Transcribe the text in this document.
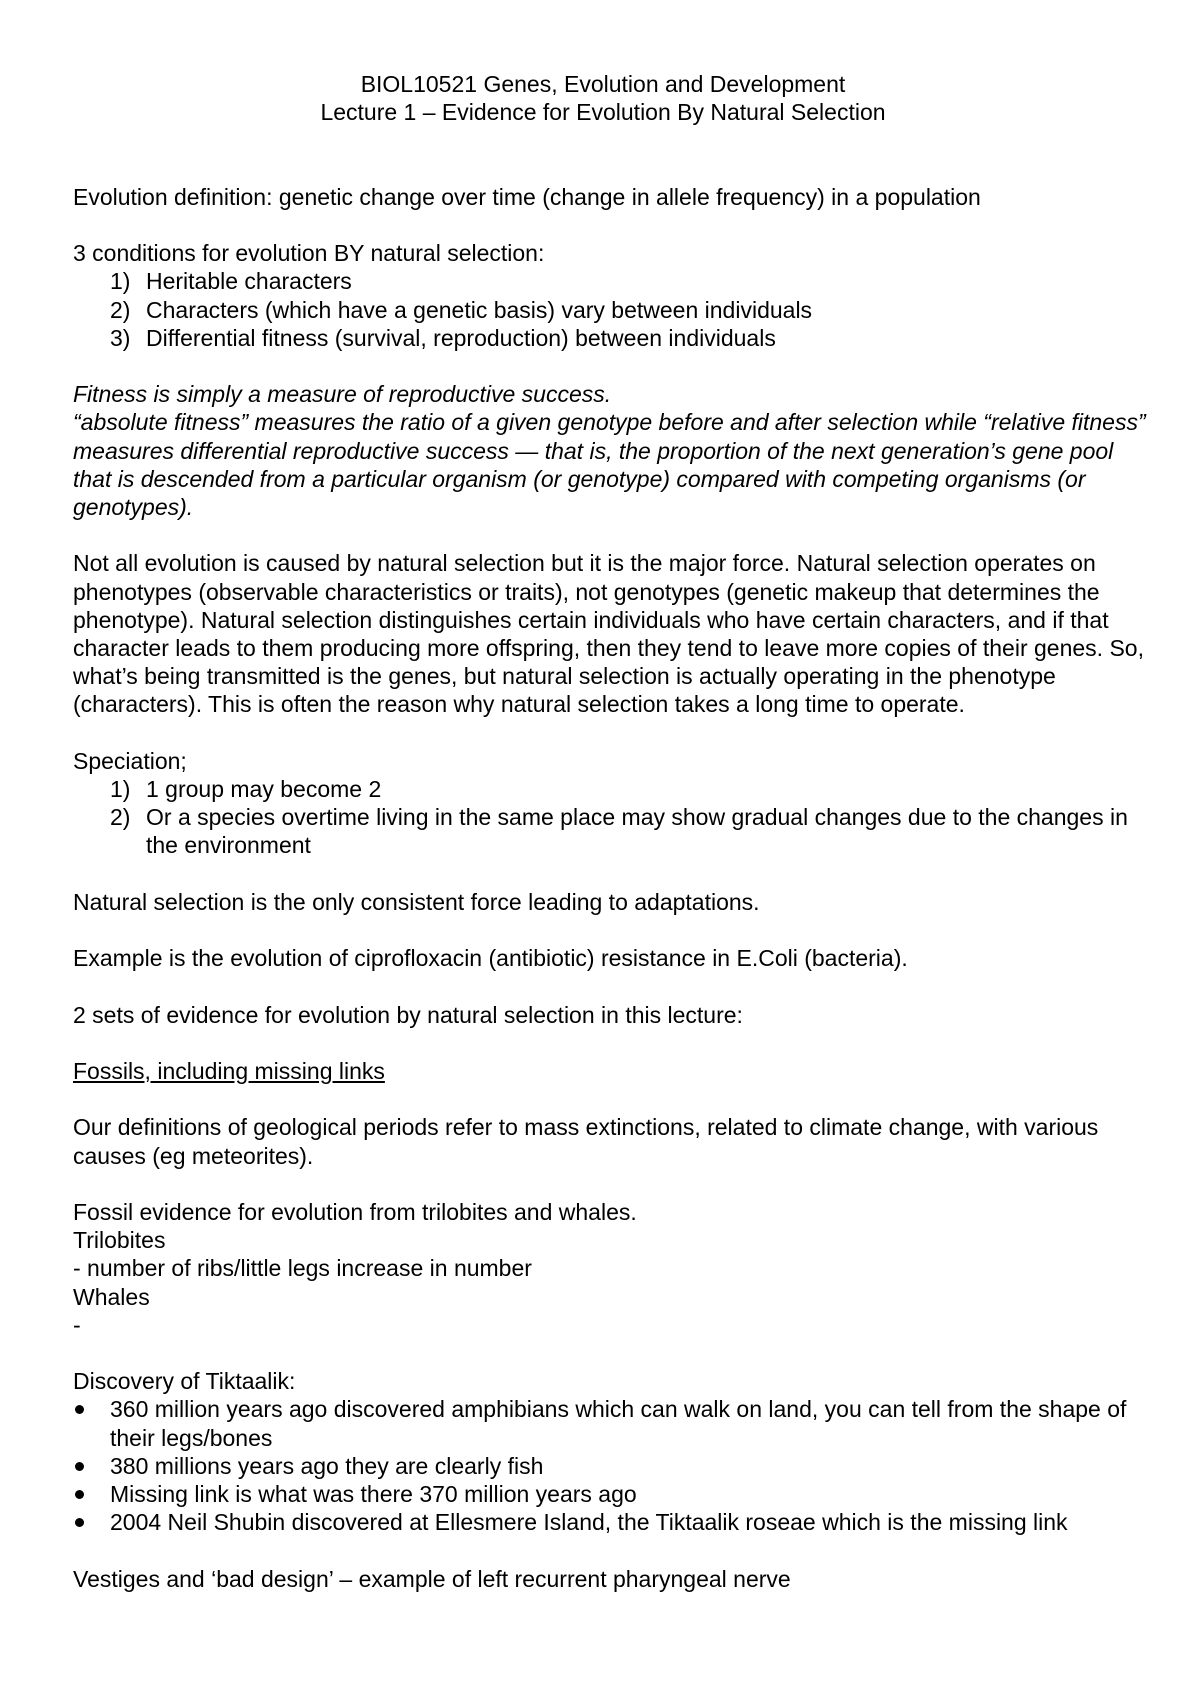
BIOL10521 Genes, Evolution and Development
Lecture 1 – Evidence for Evolution By Natural Selection

Evolution definition: genetic change over time (change in allele frequency) in a population

3 conditions for evolution BY natural selection:

1) Heritable characters
2) Characters (which have a genetic basis) vary between individuals
3) Differential fitness (survival, reproduction) between individuals

Fitness is simply a measure of reproductive success.

“absolute fitness” measures the ratio of a given genotype before and after selection while “relative fitness” measures differential reproductive success — that is, the proportion of the next generation’s gene pool that is descended from a particular organism (or genotype) compared with competing organisms (or genotypes).

Not all evolution is caused by natural selection but it is the major force. Natural selection operates on phenotypes (observable characteristics or traits), not genotypes (genetic makeup that determines the phenotype). Natural selection distinguishes certain individuals who have certain characters, and if that character leads to them producing more offspring, then they tend to leave more copies of their genes. So, what’s being transmitted is the genes, but natural selection is actually operating in the phenotype (characters). This is often the reason why natural selection takes a long time to operate.

Speciation;

1) 1 group may become 2
2) Or a species overtime living in the same place may show gradual changes due to the changes in the environment

Natural selection is the only consistent force leading to adaptations.

Example is the evolution of ciprofloxacin (antibiotic) resistance in E.Coli (bacteria).

2 sets of evidence for evolution by natural selection in this lecture:

Fossils, including missing links

Our definitions of geological periods refer to mass extinctions, related to climate change, with various causes (eg meteorites).

Fossil evidence for evolution from trilobites and whales.

Trilobites

- number of ribs/little legs increase in number

Whales

-

Discovery of Tiktaalik:

360 million years ago discovered amphibians which can walk on land, you can tell from the shape of their legs/bones
380 millions years ago they are clearly fish
Missing link is what was there 370 million years ago
2004 Neil Shubin discovered at Ellesmere Island, the Tiktaalik roseae which is the missing link

Vestiges and ‘bad design’ – example of left recurrent pharyngeal nerve
